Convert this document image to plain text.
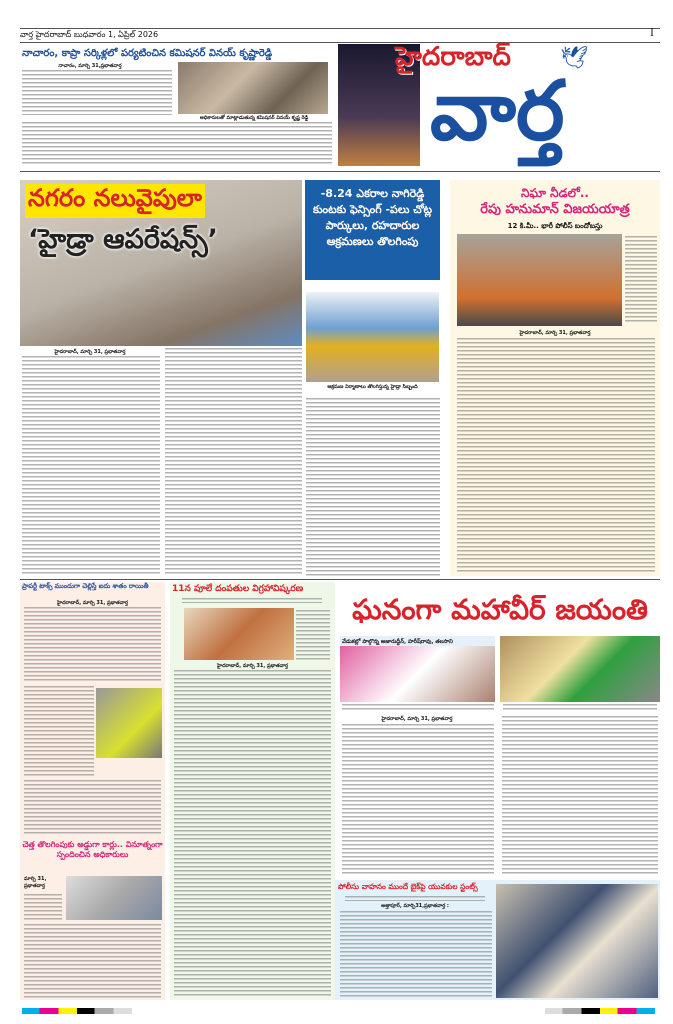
వార్త హైదరాబాద్ బుధవారం 1, ఏప్రిల్ 2026	I
నాచారం, కాప్రా సర్కిళ్లలో పర్యటించిన కమిషనర్ వినయ్ కృష్ణారెడ్డి
నాచారం, మార్చి 31,ప్రభాతవార్త
అధికారులతో మాట్లాడుతున్న కమిషనర్ వినయ్ కృష్ణ రెడ్డి
హైదరాబాద్ 🕊
వార్త
నగరం నలువైపులా
‘హైడ్రా ఆపరేషన్స్’
-8.24 ఎకరాల నాగిరెడ్డి కుంటకు ఫెన్సింగ్ -పలు చోట్ల పార్కులు, రహదారుల ఆక్రమణలు తొలగింపు
ఆక్రమణ నిర్మాణాలు తొలగిస్తున్న హైడ్రా సిబ్బంది
హైదరాబాద్, మార్చి 31, ప్రభాతవార్త
నిఘా నీడలో..
రేపు హనుమాన్ విజయయాత్ర
12 కి.మీ.. భారీ పోలీస్ బందోబస్తు
హైదరాబాద్, మార్చి 31, ప్రభాతవార్త
ప్రాపర్టీ టాక్స్ ముందుగా చెల్లిస్తే ఐదు శాతం రాయితీ
హైదరాబాద్, మార్చి 31, ప్రభాతవార్త
చెత్త తొలగింపుకు అడ్డుగా కార్లు.. వినూత్నంగా స్పందించిన అధికారులు
మార్చి 31, ప్రభాతవార్త
11న పూలే దంపతుల విగ్రహావిష్కరణ
హైదరాబాద్, మార్చి 31, ప్రభాతవార్త
ఘనంగా మహావీర్ జయంతి
వేడుకల్లో పాల్గొన్న అజారుద్దీన్, హరీష్‌రావు, తలసాని
హైదరాబాద్, మార్చి 31, ప్రభాతవార్త
పోలీసు వాహనం ముందే బైక్‌పై యువకుల స్టంట్స్
అత్తాపూర్, మార్చి31,ప్రభాతవార్త :
